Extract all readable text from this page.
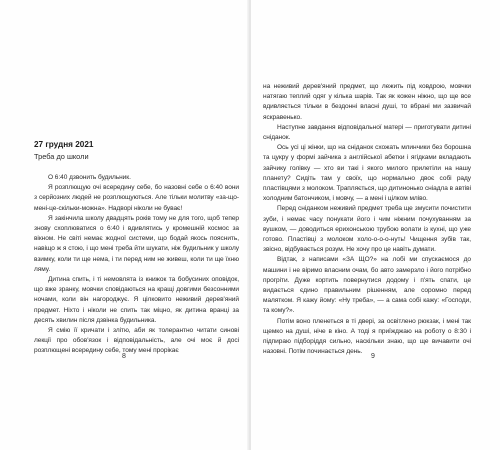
27 грудня 2021
Треба до школи

О 6:40 дзвонить будильник.

Я розплющую очі всередину себе, бо назовні себе о 6:40 вони з серйозних людей не розплющуються. Але тільки молитву «за-що-мені-це-скільки-можна». Надворі ніколи не буває!

Я закінчила школу двадцять років тому не для того, щоб тепер знову схоплюватися о 6:40 і вдивлятись у кромешній космос за вікном. Не світі немає жодної системи, що бодай якось пояснить, навіщо ж я стою, і що мені треба йти шукати, ніж будильник у школу взимку, коли ти ще нема, і ти перед ним не живеш, коли ти ще їхню ляму.

Дитина спить, і ті немовлята із книжок та бобусиних оповідок, що вже зранку, мовчки сповідаються на кращі довгими безсонними ночами, коли він нагороджує. Я цілковито неживий дерев'яний предмет. Ніхто і ніколи не спить так міцно, як дитина вранці за десять хвилин після дзвінка будильника.

Я смію її кричати і злітю, аби як толерантно читати синові лекції про обов'язок і відповідальність, але очі моє й досі розплющені всередину себе, тому мені прорікає

8

на неживий дерев'яний предмет, що лежить під ковдрою, мовчки натягаю теплий одяг у кілька шарів. Так як кожен ніжно, що ще все вдивляється тільки в бездонні власні душі, то вбрані ми зазвичай яскравенько.

Наступне завдання відповідальної матері — приготувати дитині сніданок.

Ось усі ці жінки, що на сніданок схожать млинчики без борошна та цукру у формі зайчика з англійської абетки і ягідками вкладають зайчику голівку — хто ви такі і якого милого прилетіли на нашу планету? Сидіть там у своїх, що нормально двоє собі раду пластівцями з молоком. Трапляється, що дитинонько сніадла в автіві холодним батончиком, і мовчу, — а мені і цілком мліво.

Перед сніданком неживий предмет треба ще змусити почистити зуби, і немає часу понукати його і чим ніжним почухуванням за вушком, — доводиться ерихонською трубою волати із кухні, що уже готово. Пластівці з молоком холо-о-о-о-нуть! Чищення зубів так, звісно, відбувається розум. Не хочу про це навіть думати.

Відтак, з написами «ЗА ЩО?» на лобі ми спускаємося до машини і не віримо власним очам, бо авто замерзло і його потрібно прогріти. Дуже кортить повернутися додому і п'ять спати, це видається єдино правильним рішенням, але соромно перед малятком. Я кажу йому: «Ну треба», — а сама собі кажу: «Господи, та кому?».

Потім воно пленеться в ті двері, за освітлено рюкзак, і мені так щемко на душі, ніче в кіно. А тоді я приїжджаю на роботу о 8:30 і підпираю підборіддя сильно, наскільки знаю, що ще вичавити очі назовні. Потім починається день.

9
